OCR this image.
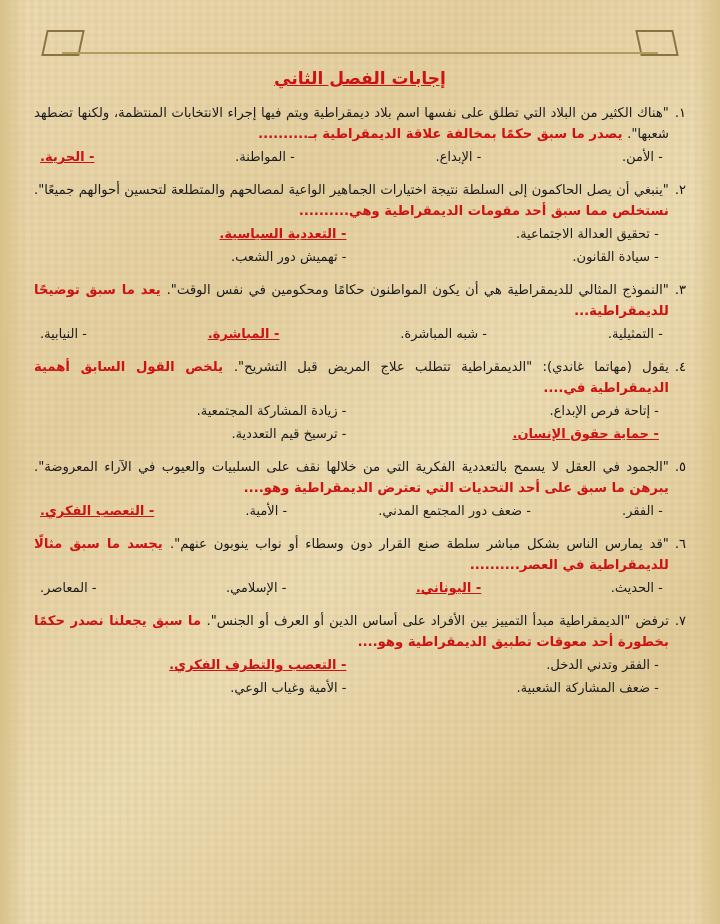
إجابات الفصل الثاني
١.
"هناك الكثير من البلاد التي تطلق على نفسها اسم بلاد ديمقراطية ويتم فيها إجراء الانتخابات المنتظمة، ولكنها تضطهد شعبها". يصدر ما سبق حكمًا بمخالفة علاقة الديمقراطية بـ..........
- الأمن.
- الإبداع.
- المواطنة.
- الحرية.
٢.
"ينبغي أن يصل الحاكمون إلى السلطة نتيجة اختيارات الجماهير الواعية لمصالحهم والمتطلعة لتحسين أحوالهم جميعًا". نستخلص مما سبق أحد مقومات الديمقراطية وهي..........
- تحقيق العدالة الاجتماعية.
- التعددية السياسية.
- سيادة القانون.
- تهميش دور الشعب.
٣.
"النموذج المثالي للديمقراطية هي أن يكون المواطنون حكامًا ومحكومين في نفس الوقت". يعد ما سبق توضيحًا للديمقراطية...
- التمثيلية.
- شبه المباشرة.
- المباشرة.
- النيابية.
٤.
يقول (مهاتما غاندي): "الديمقراطية تتطلب علاج المريض قبل التشريح". يلخص القول السابق أهمية الديمقراطية في....
- إتاحة فرص الإبداع.
- زيادة المشاركة المجتمعية.
- حماية حقوق الإنسان.
- ترسيخ قيم التعددية.
٥.
"الجمود في العقل لا يسمح بالتعددية الفكرية التي من خلالها نقف على السلبيات والعيوب في الآراء المعروضة". يبرهن ما سبق على أحد التحديات التي تعترض الديمقراطية وهو....
- الفقر.
- ضعف دور المجتمع المدني.
- الأمية.
- التعصب الفكري.
٦.
"قد يمارس الناس بشكل مباشر سلطة صنع القرار دون وسطاء أو نواب ينوبون عنهم". يجسد ما سبق مثالًا للديمقراطية في العصر..........
- الحديث.
- اليوناني.
- الإسلامي.
- المعاصر.
٧.
ترفض "الديمقراطية مبدأ التمييز بين الأفراد على أساس الدين أو العرف أو الجنس". ما سبق يجعلنا نصدر حكمًا بخطورة أحد معوقات تطبيق الديمقراطية وهو....
- الفقر وتدني الدخل.
- التعصب والتطرف الفكري.
- ضعف المشاركة الشعبية.
- الأمية وغياب الوعي.
